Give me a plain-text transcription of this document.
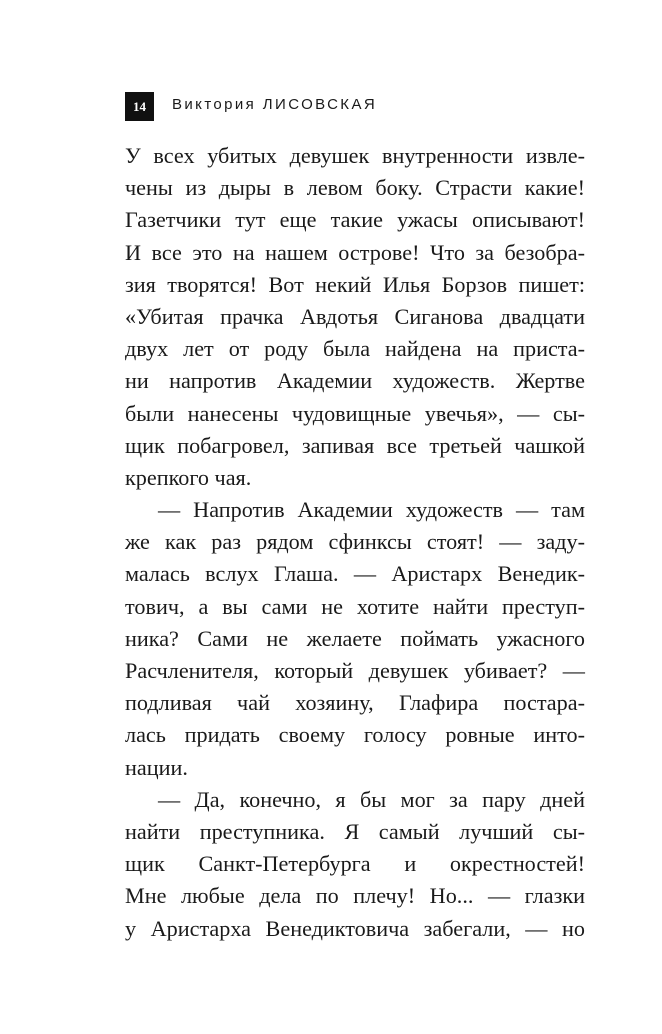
14	Виктория ЛИСОВСКАЯ
У всех убитых девушек внутренности извле-
чены из дыры в левом боку. Страсти какие!
Газетчики тут еще такие ужасы описывают!
И все это на нашем острове! Что за безобра-
зия творятся! Вот некий Илья Борзов пишет:
«Убитая прачка Авдотья Сиганова двадцати
двух лет от роду была найдена на приста-
ни напротив Академии художеств. Жертве
были нанесены чудовищные увечья», — сы-
щик побагровел, запивая все третьей чашкой
крепкого чая.
— Напротив Академии художеств — там
же как раз рядом сфинксы стоят! — заду-
малась вслух Глаша. — Аристарх Венедик-
тович, а вы сами не хотите найти преступ-
ника? Сами не желаете поймать ужасного
Расчленителя, который девушек убивает? —
подливая чай хозяину, Глафира постара-
лась придать своему голосу ровные инто-
нации.
— Да, конечно, я бы мог за пару дней
найти преступника. Я самый лучший сы-
щик Санкт-Петербурга и окрестностей!
Мне любые дела по плечу! Но... — глазки
у Аристарха Венедиктовича забегали, — но
